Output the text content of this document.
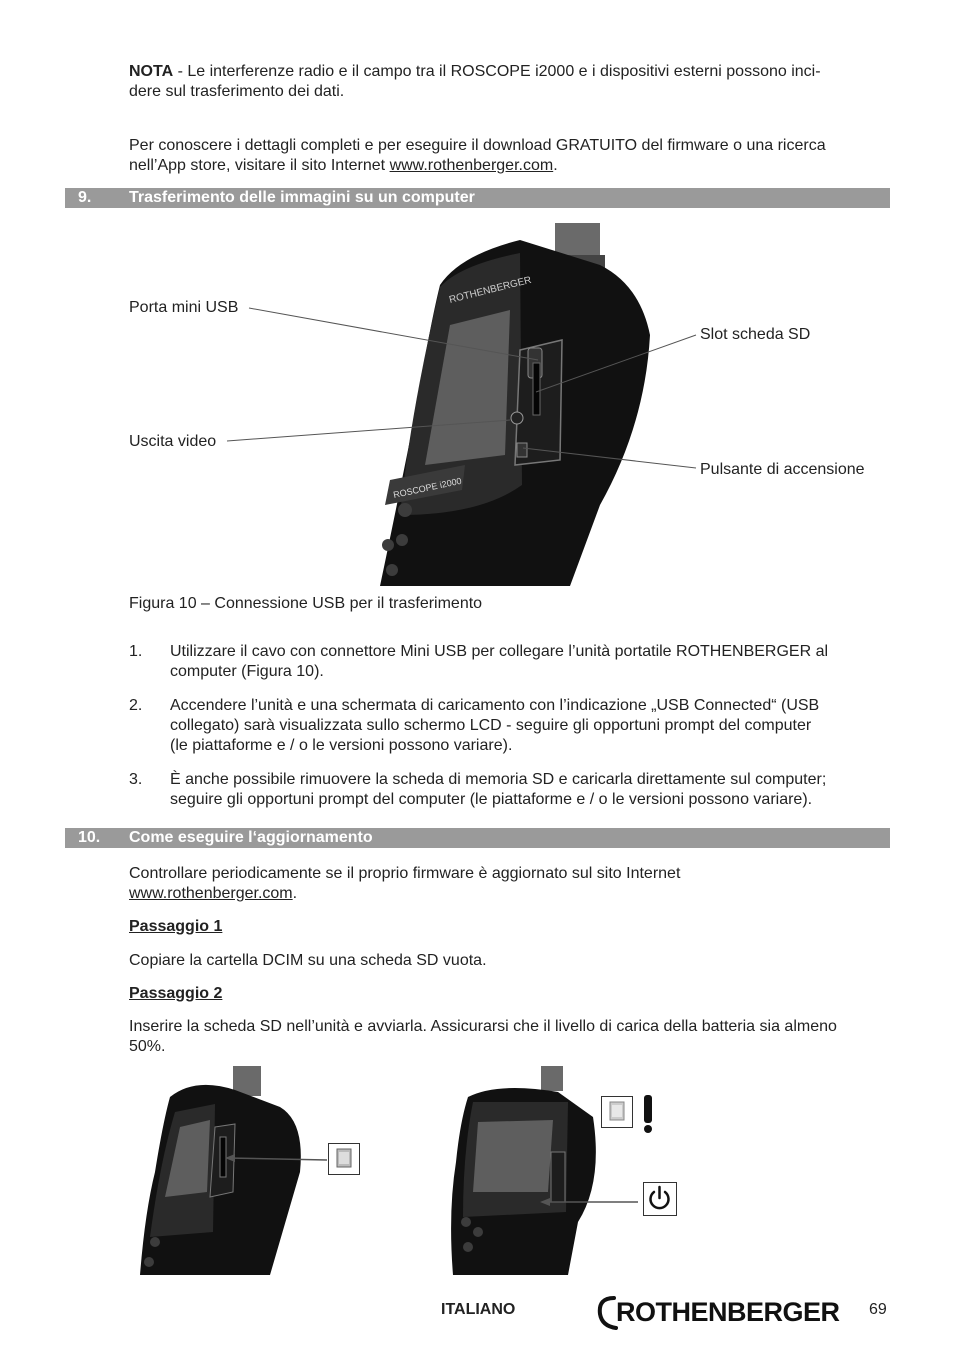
NOTA - Le interferenze radio e il campo tra il ROSCOPE i2000 e i dispositivi esterni possono inci-
dere sul trasferimento dei dati.

Per conoscere i dettagli completi e per eseguire il download GRATUITO del firmware o una ricerca
nell’App store, visitare il sito Internet www.rothenberger.com.

9. Trasferimento delle immagini su un computer
ROTHENBERGER
ROSCOPE i2000
Porta mini USB
Slot scheda SD
Uscita video
Pulsante di accensione
Figura 10 – Connessione USB per il trasferimento
1. Utilizzare il cavo con connettore Mini USB per collegare l’unità portatile ROTHENBERGER al
computer (Figura 10).
2. Accendere l’unità e una schermata di caricamento con l’indicazione „USB Connected“ (USB
collegato) sarà visualizzata sullo schermo LCD - seguire gli opportuni prompt del computer
(le piattaforme e / o le versioni possono variare).
3. È anche possibile rimuovere la scheda di memoria SD e caricarla direttamente sul computer;
seguire gli opportuni prompt del computer (le piattaforme e / o le versioni possono variare).
10. Come eseguire l‘aggiornamento

Controllare periodicamente se il proprio firmware è aggiornato sul sito Internet
www.rothenberger.com.

Passaggio 1

Copiare la cartella DCIM su una scheda SD vuota.

Passaggio 2

Inserire la scheda SD nell’unità e avviarla. Assicurarsi che il livello di carica della batteria sia almeno
50%.

ITALIANO	ROTHENBERGER 69
